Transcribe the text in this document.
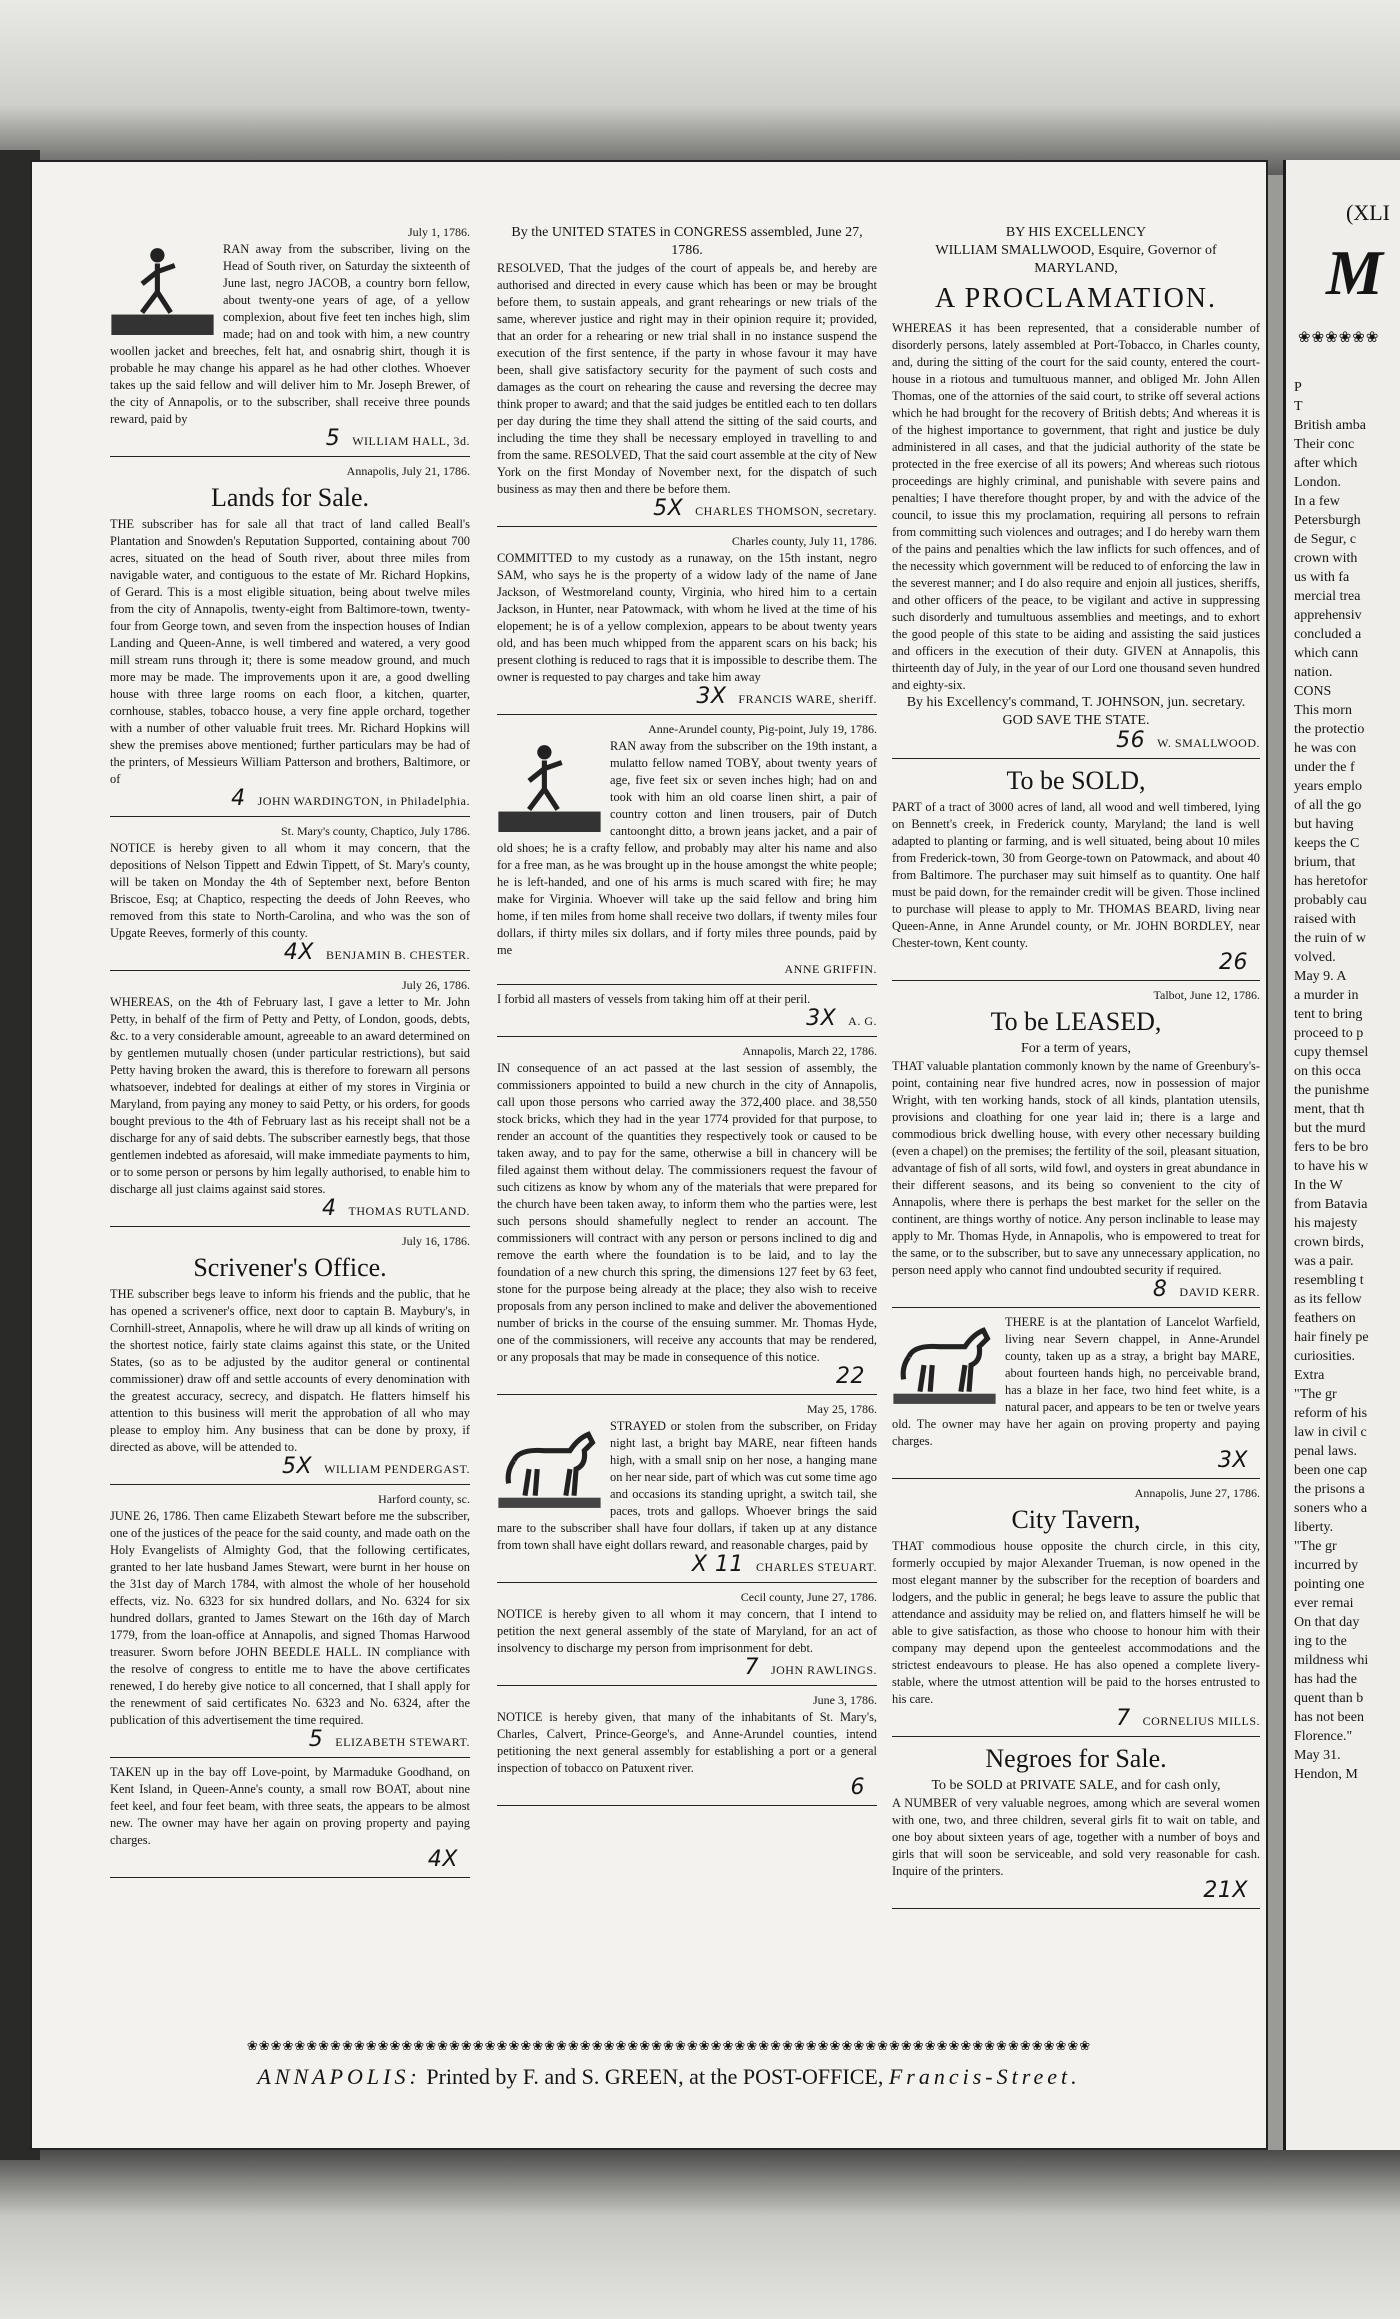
July 1, 1786.

RAN away from the subscriber, living on the Head of South river, on Saturday the sixteenth of June last, negro JACOB, a country born fellow, about twenty-one years of age, of a yellow complexion, about five feet ten inches high, slim made; had on and took with him, a new country woollen jacket and breeches, felt hat, and osnabrig shirt, though it is probable he may change his apparel as he had other clothes. Whoever takes up the said fellow and will deliver him to Mr. Joseph Brewer, of the city of Annapolis, or to the subscriber, shall receive three pounds reward, paid by

5 WILLIAM HALL, 3d.
Annapolis, July 21, 1786.
Lands for Sale.

THE subscriber has for sale all that tract of land called Beall's Plantation and Snowden's Reputation Supported, containing about 700 acres, situated on the head of South river, about three miles from navigable water, and contiguous to the estate of Mr. Richard Hopkins, of Gerard. This is a most eligible situation, being about twelve miles from the city of Annapolis, twenty-eight from Baltimore-town, twenty-four from George town, and seven from the inspection houses of Indian Landing and Queen-Anne, is well timbered and watered, a very good mill stream runs through it; there is some meadow ground, and much more may be made. The improvements upon it are, a good dwelling house with three large rooms on each floor, a kitchen, quarter, cornhouse, stables, tobacco house, a very fine apple orchard, together with a number of other valuable fruit trees. Mr. Richard Hopkins will shew the premises above mentioned; further particulars may be had of the printers, of Messieurs William Patterson and brothers, Baltimore, or of

4 JOHN WARDINGTON, in Philadelphia.
St. Mary's county, Chaptico, July 1786.

NOTICE is hereby given to all whom it may concern, that the depositions of Nelson Tippett and Edwin Tippett, of St. Mary's county, will be taken on Monday the 4th of September next, before Benton Briscoe, Esq; at Chaptico, respecting the deeds of John Reeves, who removed from this state to North-Carolina, and who was the son of Upgate Reeves, formerly of this county.

4X BENJAMIN B. CHESTER.
July 26, 1786.

WHEREAS, on the 4th of February last, I gave a letter to Mr. John Petty, in behalf of the firm of Petty and Petty, of London, goods, debts, &c. to a very considerable amount, agreeable to an award determined on by gentlemen mutually chosen (under particular restrictions), but said Petty having broken the award, this is therefore to forewarn all persons whatsoever, indebted for dealings at either of my stores in Virginia or Maryland, from paying any money to said Petty, or his orders, for goods bought previous to the 4th of February last as his receipt shall not be a discharge for any of said debts. The subscriber earnestly begs, that those gentlemen indebted as aforesaid, will make immediate payments to him, or to some person or persons by him legally authorised, to enable him to discharge all just claims against said stores.

4 THOMAS RUTLAND.
July 16, 1786.
Scrivener's Office.

THE subscriber begs leave to inform his friends and the public, that he has opened a scrivener's office, next door to captain B. Maybury's, in Cornhill-street, Annapolis, where he will draw up all kinds of writing on the shortest notice, fairly state claims against this state, or the United States, (so as to be adjusted by the auditor general or continental commissioner) draw off and settle accounts of every denomination with the greatest accuracy, secrecy, and dispatch. He flatters himself his attention to this business will merit the approbation of all who may please to employ him. Any business that can be done by proxy, if directed as above, will be attended to.

5X WILLIAM PENDERGAST.
Harford county, sc.

JUNE 26, 1786. Then came Elizabeth Stewart before me the subscriber, one of the justices of the peace for the said county, and made oath on the Holy Evangelists of Almighty God, that the following certificates, granted to her late husband James Stewart, were burnt in her house on the 31st day of March 1784, with almost the whole of her household effects, viz. No. 6323 for six hundred dollars, and No. 6324 for six hundred dollars, granted to James Stewart on the 16th day of March 1779, from the loan-office at Annapolis, and signed Thomas Harwood treasurer. Sworn before JOHN BEEDLE HALL. IN compliance with the resolve of congress to entitle me to have the above certificates renewed, I do hereby give notice to all concerned, that I shall apply for the renewment of said certificates No. 6323 and No. 6324, after the publication of this advertisement the time required.

5 ELIZABETH STEWART.

TAKEN up in the bay off Love-point, by Marmaduke Goodhand, on Kent Island, in Queen-Anne's county, a small row BOAT, about nine feet keel, and four feet beam, with three seats, the appears to be almost new. The owner may have her again on proving property and paying charges.

4X
By the UNITED STATES in CONGRESS assembled, June 27, 1786.

RESOLVED, That the judges of the court of appeals be, and hereby are authorised and directed in every cause which has been or may be brought before them, to sustain appeals, and grant rehearings or new trials of the same, wherever justice and right may in their opinion require it; provided, that an order for a rehearing or new trial shall in no instance suspend the execution of the first sentence, if the party in whose favour it may have been, shall give satisfactory security for the payment of such costs and damages as the court on rehearing the cause and reversing the decree may think proper to award; and that the said judges be entitled each to ten dollars per day during the time they shall attend the sitting of the said courts, and including the time they shall be necessary employed in travelling to and from the same. RESOLVED, That the said court assemble at the city of New York on the first Monday of November next, for the dispatch of such business as may then and there be before them.

5X CHARLES THOMSON, secretary.
Charles county, July 11, 1786.

COMMITTED to my custody as a runaway, on the 15th instant, negro SAM, who says he is the property of a widow lady of the name of Jane Jackson, of Westmoreland county, Virginia, who hired him to a certain Jackson, in Hunter, near Patowmack, with whom he lived at the time of his elopement; he is of a yellow complexion, appears to be about twenty years old, and has been much whipped from the apparent scars on his back; his present clothing is reduced to rags that it is impossible to describe them. The owner is requested to pay charges and take him away

3X FRANCIS WARE, sheriff.
Anne-Arundel county, Pig-point, July 19, 1786.

RAN away from the subscriber on the 19th instant, a mulatto fellow named TOBY, about twenty years of age, five feet six or seven inches high; had on and took with him an old coarse linen shirt, a pair of country cotton and linen trousers, pair of Dutch cantoonght ditto, a brown jeans jacket, and a pair of old shoes; he is a crafty fellow, and probably may alter his name and also for a free man, as he was brought up in the house amongst the white people; he is left-handed, and one of his arms is much scared with fire; he may make for Virginia. Whoever will take up the said fellow and bring him home, if ten miles from home shall receive two dollars, if twenty miles four dollars, if thirty miles six dollars, and if forty miles three pounds, paid by me

ANNE GRIFFIN.

I forbid all masters of vessels from taking him off at their peril.

3X A. G.
Annapolis, March 22, 1786.

IN consequence of an act passed at the last session of assembly, the commissioners appointed to build a new church in the city of Annapolis, call upon those persons who carried away the 372,400 place. and 38,550 stock bricks, which they had in the year 1774 provided for that purpose, to render an account of the quantities they respectively took or caused to be taken away, and to pay for the same, otherwise a bill in chancery will be filed against them without delay. The commissioners request the favour of such citizens as know by whom any of the materials that were prepared for the church have been taken away, to inform them who the parties were, lest such persons should shamefully neglect to render an account. The commissioners will contract with any person or persons inclined to dig and remove the earth where the foundation is to be laid, and to lay the foundation of a new church this spring, the dimensions 127 feet by 63 feet, stone for the purpose being already at the place; they also wish to receive proposals from any person inclined to make and deliver the abovementioned number of bricks in the course of the ensuing summer. Mr. Thomas Hyde, one of the commissioners, will receive any accounts that may be rendered, or any proposals that may be made in consequence of this notice.

22
May 25, 1786.

STRAYED or stolen from the subscriber, on Friday night last, a bright bay MARE, near fifteen hands high, with a small snip on her nose, a hanging mane on her near side, part of which was cut some time ago and occasions its standing upright, a switch tail, she paces, trots and gallops. Whoever brings the said mare to the subscriber shall have four dollars, if taken up at any distance from town shall have eight dollars reward, and reasonable charges, paid by

X 11 CHARLES STEUART.
Cecil county, June 27, 1786.

NOTICE is hereby given to all whom it may concern, that I intend to petition the next general assembly of the state of Maryland, for an act of insolvency to discharge my person from imprisonment for debt.

7 JOHN RAWLINGS.
June 3, 1786.

NOTICE is hereby given, that many of the inhabitants of St. Mary's, Charles, Calvert, Prince-George's, and Anne-Arundel counties, intend petitioning the next general assembly for establishing a port or a general inspection of tobacco on Patuxent river.

6
BY HIS EXCELLENCY
WILLIAM SMALLWOOD, Esquire, Governor of MARYLAND,
A PROCLAMATION.

WHEREAS it has been represented, that a considerable number of disorderly persons, lately assembled at Port-Tobacco, in Charles county, and, during the sitting of the court for the said county, entered the court-house in a riotous and tumultuous manner, and obliged Mr. John Allen Thomas, one of the attornies of the said court, to strike off several actions which he had brought for the recovery of British debts; And whereas it is of the highest importance to government, that right and justice be duly administered in all cases, and that the judicial authority of the state be protected in the free exercise of all its powers; And whereas such riotous proceedings are highly criminal, and punishable with severe pains and penalties; I have therefore thought proper, by and with the advice of the council, to issue this my proclamation, requiring all persons to refrain from committing such violences and outrages; and I do hereby warn them of the pains and penalties which the law inflicts for such offences, and of the necessity which government will be reduced to of enforcing the law in the severest manner; and I do also require and enjoin all justices, sheriffs, and other officers of the peace, to be vigilant and active in suppressing such disorderly and tumultuous assemblies and meetings, and to exhort the good people of this state to be aiding and assisting the said justices and officers in the execution of their duty. GIVEN at Annapolis, this thirteenth day of July, in the year of our Lord one thousand seven hundred and eighty-six.

By his Excellency's command, T. JOHNSON, jun. secretary. GOD SAVE THE STATE.
56 W. SMALLWOOD.
To be SOLD,

PART of a tract of 3000 acres of land, all wood and well timbered, lying on Bennett's creek, in Frederick county, Maryland; the land is well adapted to planting or farming, and is well situated, being about 10 miles from Frederick-town, 30 from George-town on Patowmack, and about 40 from Baltimore. The purchaser may suit himself as to quantity. One half must be paid down, for the remainder credit will be given. Those inclined to purchase will please to apply to Mr. THOMAS BEARD, living near Queen-Anne, in Anne Arundel county, or Mr. JOHN BORDLEY, near Chester-town, Kent county.

26
Talbot, June 12, 1786.
To be LEASED,
For a term of years,

THAT valuable plantation commonly known by the name of Greenbury's-point, containing near five hundred acres, now in possession of major Wright, with ten working hands, stock of all kinds, plantation utensils, provisions and cloathing for one year laid in; there is a large and commodious brick dwelling house, with every other necessary building (even a chapel) on the premises; the fertility of the soil, pleasant situation, advantage of fish of all sorts, wild fowl, and oysters in great abundance in their different seasons, and its being so convenient to the city of Annapolis, where there is perhaps the best market for the seller on the continent, are things worthy of notice. Any person inclinable to lease may apply to Mr. Thomas Hyde, in Annapolis, who is empowered to treat for the same, or to the subscriber, but to save any unnecessary application, no person need apply who cannot find undoubted security if required.

8 DAVID KERR.

THERE is at the plantation of Lancelot Warfield, living near Severn chappel, in Anne-Arundel county, taken up as a stray, a bright bay MARE, about fourteen hands high, no perceivable brand, has a blaze in her face, two hind feet white, is a natural pacer, and appears to be ten or twelve years old. The owner may have her again on proving property and paying charges.

3X
Annapolis, June 27, 1786.
City Tavern,

THAT commodious house opposite the church circle, in this city, formerly occupied by major Alexander Trueman, is now opened in the most elegant manner by the subscriber for the reception of boarders and lodgers, and the public in general; he begs leave to assure the public that attendance and assiduity may be relied on, and flatters himself he will be able to give satisfaction, as those who choose to honour him with their company may depend upon the genteelest accommodations and the strictest endeavours to please. He has also opened a complete livery-stable, where the utmost attention will be paid to the horses entrusted to his care.

7 CORNELIUS MILLS.
Negroes for Sale.
To be SOLD at PRIVATE SALE, and for cash only,

A NUMBER of very valuable negroes, among which are several women with one, two, and three children, several girls fit to wait on table, and one boy about sixteen years of age, together with a number of boys and girls that will soon be serviceable, and sold very reasonable for cash. Inquire of the printers.

21X
❀❀❀❀❀❀❀❀❀❀❀❀❀❀❀❀❀❀❀❀❀❀❀❀❀❀❀❀❀❀❀❀❀❀❀❀❀❀❀❀❀❀❀❀❀❀❀❀❀❀❀❀❀❀❀❀❀❀❀❀❀❀❀❀❀❀❀❀❀❀❀
ANNAPOLIS: Printed by F. and S. GREEN, at the POST-OFFICE, Francis-Street.
(XLI
M
❀❀❀❀❀❀

P
T
British amba
Their conc
after which
London.
In a few
Petersburgh
de Segur, c
crown with
us with fa
mercial trea
apprehensiv
concluded a
which cann
nation.
CONS
This morn
the protectio
he was con
under the f
years emplo
of all the go
but having
keeps the C
brium, that
has heretofor
probably cau
raised with
the ruin of w
volved.
May 9. A
a murder in
tent to bring
proceed to p
cupy themsel
on this occa
the punishme
ment, that th
but the murd
fers to be bro
to have his w
In the W
from Batavia
his majesty
crown birds,
was a pair.
resembling t
as its fellow
feathers on
hair finely pe
curiosities.
Extra
"The gr
reform of his
law in civil c
penal laws.
been one cap
the prisons a
soners who a
liberty.
"The gr
incurred by
pointing one
ever remai
On that day
ing to the
mildness whi
has had the
quent than b
has not been
Florence."
May 31.
Hendon, M
